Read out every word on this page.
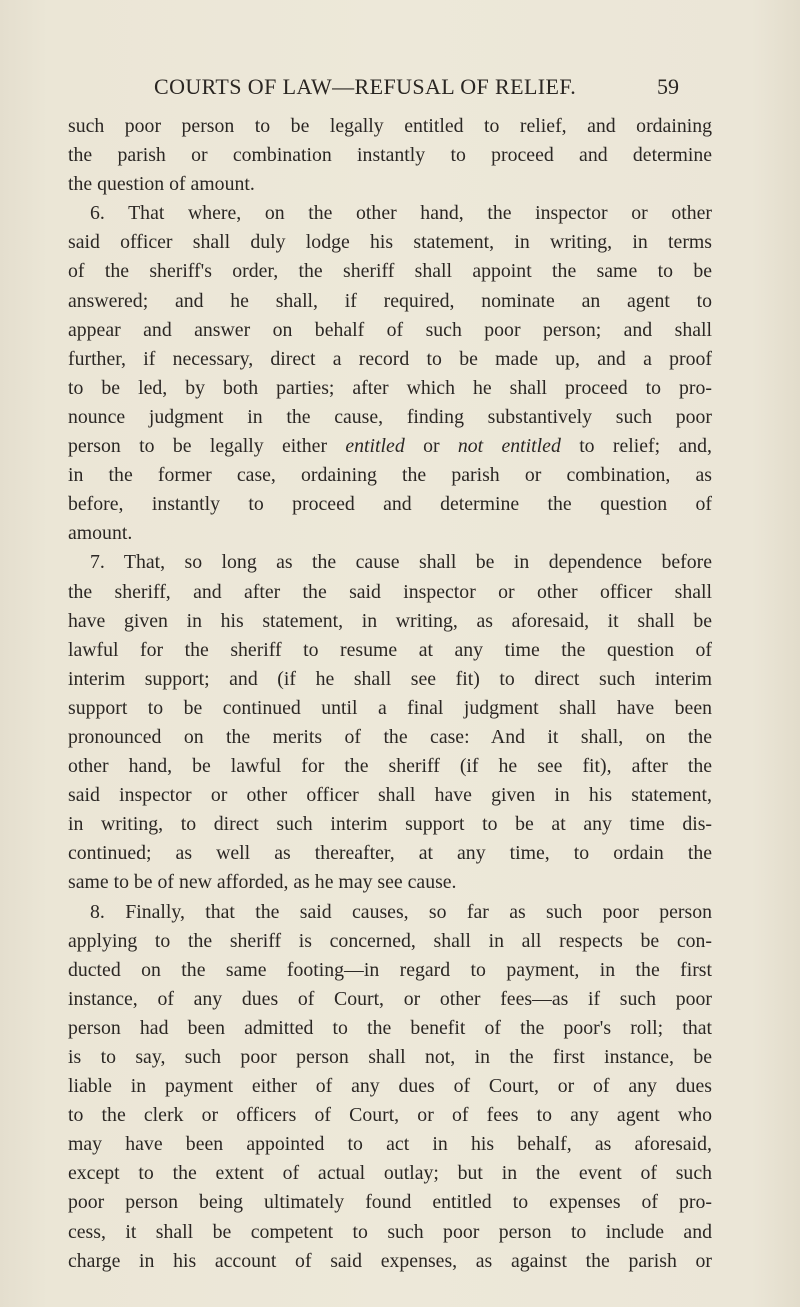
COURTS OF LAW—REFUSAL OF RELIEF.	59
such poor person to be legally entitled to relief, and ordaining
the parish or combination instantly to proceed and determine
the question of amount.
6. That where, on the other hand, the inspector or other
said officer shall duly lodge his statement, in writing, in terms
of the sheriff's order, the sheriff shall appoint the same to be
answered; and he shall, if required, nominate an agent to
appear and answer on behalf of such poor person; and shall
further, if necessary, direct a record to be made up, and a proof
to be led, by both parties; after which he shall proceed to pro-
nounce judgment in the cause, finding substantively such poor
person to be legally either entitled or not entitled to relief; and,
in the former case, ordaining the parish or combination, as
before, instantly to proceed and determine the question of
amount.
7. That, so long as the cause shall be in dependence before
the sheriff, and after the said inspector or other officer shall
have given in his statement, in writing, as aforesaid, it shall be
lawful for the sheriff to resume at any time the question of
interim support; and (if he shall see fit) to direct such interim
support to be continued until a final judgment shall have been
pronounced on the merits of the case: And it shall, on the
other hand, be lawful for the sheriff (if he see fit), after the
said inspector or other officer shall have given in his statement,
in writing, to direct such interim support to be at any time dis-
continued; as well as thereafter, at any time, to ordain the
same to be of new afforded, as he may see cause.
8. Finally, that the said causes, so far as such poor person
applying to the sheriff is concerned, shall in all respects be con-
ducted on the same footing—in regard to payment, in the first
instance, of any dues of Court, or other fees—as if such poor
person had been admitted to the benefit of the poor's roll; that
is to say, such poor person shall not, in the first instance, be
liable in payment either of any dues of Court, or of any dues
to the clerk or officers of Court, or of fees to any agent who
may have been appointed to act in his behalf, as aforesaid,
except to the extent of actual outlay; but in the event of such
poor person being ultimately found entitled to expenses of pro-
cess, it shall be competent to such poor person to include and
charge in his account of said expenses, as against the parish or
